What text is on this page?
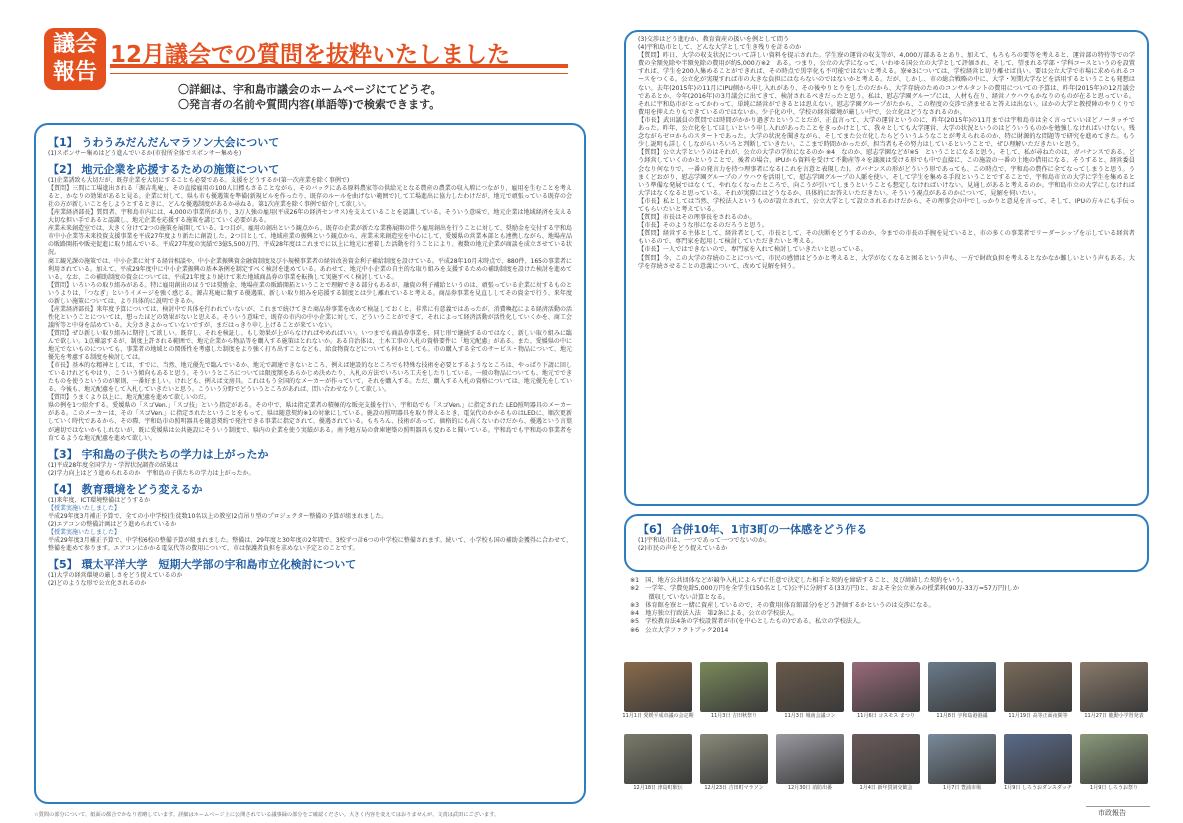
議会
報告
12月議会での質問を抜粋いたしました
〇詳細は、宇和島市議会のホームページにてどうぞ。
〇発言者の名前や質問内容(単語等)で検索できます。
【1】 うわうみだんだんマラソン大会について

(1)スポンサー集めはどう進んでいるか(市役所全体でスポンサー集めを)

【2】 地元企業を応援するための施策について

(1)企業誘致も大切だが、既存企業を大切にすることも必要である。支援をどうするか(第一次産業を除く事例で)

【質問】三間に工場進出される「源吉兆庵」、その直接雇用の100人目標もさることながら、そのバックにある原料農家等の供給元となる農産の農業の収入増につながり、雇用を生むことを考えると、かなりの効果があると見る。企業に対して、県も市も優遇策を準備(新規ビルを作ったり、既存のルールを曲げない範囲で)して工場進出に協力したわけだが、地元で頑張っている既存の会社の方が新しいことをしようとするときに、どんな優遇制度があるか尋ねる。第1次産業を除く事例で紹介して欲しい。

【産業経済部長】質問者、宇和島市内には、4,000の事業所があり、3万人強の雇用(平成26年の経済センサス)を支えていることを認識している。そういう意味で、地元企業は地域経済を支える大切な担い手であると認識し、地元企業を応援する施策を講じていく必要がある。

産業未来創造室では、大きく分けて2つの施策を展開している。1つ目が、雇用の創出という観点から、既存の企業が新たな業務展開の伴う雇用創出を行うことに対して、奨励金を交付する宇和島市中小企業等未来投資支援事業を平成27年度より新たに創設した。2つ目として、地域産業の振興という観点から、産業未来創造室を中心にして、愛媛県の営業本部とも連携しながら、地場産品の販路開拓や販売促進に取り組んでいる。平成27年度の実績で3億5,500万円、平成28年度はこれまでに以上に地元に密着した活動を行うことにより、複数の地元企業が商談を成立させている状況。

商工観光課の施策では、中小企業に対する経営相談や、中小企業振興資金融資制度及び小規模事業者の経営改善資金利子補給制度を設けている。平成28年10月末時点で、880件、165の事業者に利用されている。加えて、平成29年度中に中小企業振興の基本条例を制定すべく検討を進めている。あわせて、地元中小企業の自主的な取り組みを支援するための補助制度を設けた検討を進めている。なお、この補助制度の資金については、平成21年度より続けて来た地域商品券の事業を転換して実施すべく検討している。

【質問】いろいろの取り組みがある。特に雇用創出のほうでは奨励金、地場産業の販路開拓ということで理解できる部分もあるが、融資の利子補給というのは、頑張っている企業に対するものというよりは、「つなぎ」というイメージを強く感じる。源吉兆庵に類する優遇策、新しい取り組みを応援する制度とは少し離れていると考える。商品券事業を見直ししてその資金で行う、来年度の新しい施策については、より具体的に説明できるか。

【産業経済部長】来年度予算については、検討中で具体を行われていないが、これまで続けてきた商品券事業を改めて検証しておくと、非常に有意義ではあったが、消費喚起による経済活動の活性化ということについては、想ったほどの効果がないと思える。そういう意味で、既存の市内の中小企業に対して、どういうことができて、それによって経済活動が活性化していくかを、商工会議所等と中身を詰めている。大分さきよかっていないですが、まだはっきり申し上げることが来ていない。

【質問】ぜひ新しい取り組みに期待して欲しい。既存し、それを検証し、もし効果が上がらなければやめればいい。いつまでも商品券事業を、同じ形で継続するのではなく、新しい取り組みに臨んで欲しい。1点確認するが、制度上許される範囲で、地元企業から物品等を購入する施策はとれないか。ある自治体は、土木工事の入札の資格要件に「地元配慮」がある。また、愛媛県の中に地元でないものについても、事業者の地域との関係性を考慮した制度をより強く打ち出すことなども、給食物資などについても何かとしても。市の購入する全てのサービス・物品について、地元優先を考慮する制度を検討しては。

【市長】基本的な精神としては、すでに、当然、地元優先で臨んでいるか、地元で調達できないところ、例えば建設的なところでも特殊な技術を必要とするようなところは、やっぱり下請に回しているけれどもやはり、こういう傾向もあると思う。そういうところについては限度額をあらかじめ決めたり、入札の方法でいろいろ工夫をしたりしている。一般の物品についても、地元でできたものを使うというのが原則、一番好ましい。けれども、例えば文房具。これはもう全国的なメーカーが作っていて、それを購入する。ただ、購入する入札の資格については、地元優先をしている。今後も、地元配慮をして入札していきたいと思う。こういう分野でどういうところがあれば、問い合わせなりして欲しい。

【質問】うまくより以上に、地元配慮を進めて欲しいのだ。

県の例を1つ紹介する。愛媛県の「スゴVen.」「スゴ技」という指定がある。その中で、県は指定業者の積極的な販売支援を行い、宇和島でも「スゴVen.」に指定された LED照明器具のメーカーがある。このメーカーは、その「スゴVen.」に指定されたということをもって、県は随意契約※1の対象にしている。施設の照明器具を取り替えるとき、電気代のかかるものはLEDに、順次更新していく時代であるから、その際、宇和島市の照明器具を随意契約で発注できる事業に指定されて、優遇されている。もちろん、技術があって、価格的にも高くないわけだから、優遇という言葉が適切ではないかもしれないが、既に愛媛県は公共施設にそういう制度で、県内の企業を使う実績がある。南予地方局の倉庫建築の照明器具も変わると聞いている。宇和島でも宇和島の事業者を育てるような地元配慮を進めて欲しい。

【3】 宇和島の子供たちの学力は上がったか

(1)平成28年度全国学力・学習状況調査の結果は

(2)学力向上はどう進められるのか　宇和島の子供たちの学力は上がったか。

【4】 教育環境をどう変えるか

(1)来年度、ICT環境整備はどうするか

【授業実施いたしました】

平成29年度3月補正予算で、全ての小中学校(生徒数10名以上の教室)2点吊り型のプロジェクター整備の予算が組まれました。

(2)エアコンの整備計画はどう進められているか

【授業実施いたしました】

平成29年度3月補正予算で、中学校6校の整備予算が組まれました。整備は、29年度と30年度の2年間で、3校ずつ計6つの中学校に整備されます。続いて、小学校も国の補助金獲得に合わせて、整備を進めて参ります。エアコンにかかる電気代等の費用について、市は保護者負担を求めない予定とのことです。

【5】 環太平洋大学　短期大学部の宇和島市立化検討について

(1)大学の経営環境の厳しさをどう捉えているのか

(2)どのような形で公立化されるのか

(3)交渉はどう進むか、教育資産の扱いを例として問う

(4)宇和島市として、どんな大学として生き残りを計るのか

【質問】昨日、大学の収支状況について詳しい資料を提示された。学生寮の運営の収支等が、4,000万部あるとあり、加えて、もろもろの要等を考えると、運営部の特待等での学費の全額免除や半額免除の費用が約5,000万※2　ある。つまり、公立の大学になって、いわゆる国公立の大学として評価され、そして、望まれる学部・学科コースというのを設置すれば、学生を200人集めることができれば、その時点で黒字化も不可能ではないと考える。寮※3については、学校経営と切り離せば良い。要は公立大学で市場に求められるコースをつくる。公立化が実現すれば市の大きな負担にはならないのではないかと考える。だが、しかし、市の総合戦略の中に、大学・短期大学などを活用するということも発想はない。去年(2015年)の11月にIPU側から申し入れがあり、その後やりとりをしたのだから、大学存続のためのコンサルタントの費用についての予算は、昨年(2015年)の12月議会であるとか、今年(2016年)の3月議会に出てきて、検討されるべきだったと思う。私は、慰志学園グループには、人材も在り、経営ノウハウもかなりのものが在ると思っている。それに宇和島市がとってかわって、単純に経営ができるとは思えない。慰志学園グループがたから、この程度の交渉で済ませると答えは出ない。ほかの大学と教授陣のやりくりで費用を抑えたりもできているのではないか。少子化の中、学校の経営環境が厳しい中で、公立化はどうなされるのか。

【市長】武田議員の質問では時間がかかり過ぎたということだが、正直言って、大学の運営というのに、昨年(2015年)の11月までは宇和島市は全く言っていいほどノータッチであった。昨年、公立化をしてほしいという申し入れがあったことをきっかけとして、我々としても大学運営、大学の状況というのはどういうものかを勉強しなければいけない。残念ながらゼロからのスタートであった。大学の状況を聞きながら、そしてまた公立化したらどういうふうなことが考えられるのか、特に財源的な問題等で研究を進めてきた。もう少し説明も詳しくしながらいろいろと判断していきたい。ここまで時間かかったが、担当者もその努力はしているということで、ぜひ理解いただきたいと思う。

【質問】公立大学というのはそれが、公立の大学の学位になるのか ※4　なのか、慰志学園などが※5　ということになると思う。そして、私が尋ねたのは、ガバナンスである。どう経営していくのかということで、後者の場合、IPUから資料を受けて不動産等々を譲渡は受ける形でも中で直接に、この施設の一番の土地の借用になる、そうすると、経営委員会なり何なりで、一番の発言力を持つ理事者になる(これを言意と表現した)。ガバナンスの形がどういう形であっても、この時点で、宇和島の農作に全てなってしまうと思う。うまくどおがり、慰志学園グループのノウハウを活用して、慰志学園グループの人脈を使い、そして学生を集める手段ということですることで、宇和島市立の大学に学生を集めるという準備な発展ではなくて、やれなくなったところで、向こうが引いてしまうということも想定しなければいけない。見通しがあると考えるのか。宇和島市立の大学にしなければ大学はなくなると思っている。それが実際にはどうなるか、具体的にお答えいただきたい。そういう視点があるのかについて、見解を伺いたい。

【市長】私としては当然、学校法人というものが設立されて、公立大学として設立されるわけだから、その理事会の中でしっかりと意見を言って、そして、IPUの方々にも手伝ってもらいたいと考えている。

【質問】市長はその理事長をされるのか。

【市長】そのような形になるのだろうと思う。

【質問】経営する主体として、経営者として、市長として、その決断をどうするのか、今までの市長の手腕を見ていると、市の多くの事業者でリーダーシップを示している経営者もいるので、専門家を起用して検討していただきたいと考える。

【市長】一人ではできないので、専門家を入れて検討していきたいと思っている。

【質問】今、この大学の存続のことについて、市民の感情はどうかと考えると、大学がなくなると困るという声も、一方で財政負担を考えるとなかなか難しいという声もある。大学を存続させることの意義について、改めて見解を伺う。

【6】 合併10年、1市3町の一体感をどう作る

(1)宇和島市は、一つであって一つでないのか。

(2)市民の声をどう捉えているか

※1　国、地方公共団体などが競争入札によらずに任意で決定した相手と契約を締結すること、及び締結した契約をいう。
※2　一学年、学費免除5,000万円を全学生(150名として)公平に分割する(33万円)と、およそ全公立並みの授業料(90万-33万=57万円)しか
　　　徴収していない計算となる。
※3　体育館を寮と一緒に資産しているので、その費用(体育館部分)をどう評価するかというのは交渉になる。
※4　地方独立行政法人法　第2条による、公立の学校法人。
※5　学校教育法4条の学校設置者が市(を中心としたもの)である、私立の学校法人。
※6　公立大学ファクトブック2014
11月1日 愛媛平成市議の会定期	11月3日 吉田秋祭り	11月3日 城南会議コン	11月6日 コスモス まつり	11月8日 宇和島港港議	11月19日 高等正面夜間等	11月27日 龍動小学習発表
12月18日 津島町駅伝	12月23日 吉田町マラソン	12月30日 消防出番	1月4日 新年賀詞交歓会	1月7日 豊浦市場	1月9日 しろうおダンスダッチ	1月9日 しろうお祭り
☆質問の部分について、紙面の都合でかなり省略しています。詳細はホームページ上に公開されている議事録の部分をご確認ください。大きく内容を変えてはおりませんが、文責は武田にございます。	市政報告
